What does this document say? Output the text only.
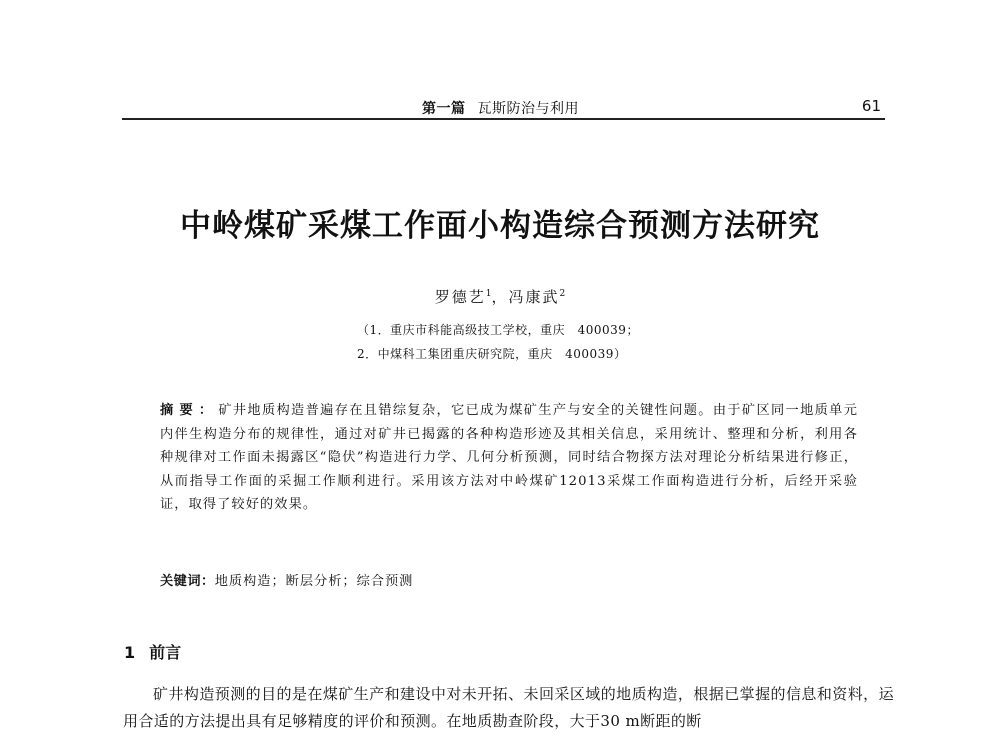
第一篇 瓦斯防治与利用	61
中岭煤矿采煤工作面小构造综合预测方法研究
罗德艺$^1$，冯康武$^2$
（1．重庆市科能高级技工学校，重庆　400039；
2．中煤科工集团重庆研究院，重庆　400039）
摘要：矿井地质构造普遍存在且错综复杂，它已成为煤矿生产与安全的关键性问题。由于矿区同一地质单元内伴生构造分布的规律性，通过对矿井已揭露的各种构造形迹及其相关信息，采用统计、整理和分析，利用各种规律对工作面未揭露区“隐伏”构造进行力学、几何分析预测，同时结合物探方法对理论分析结果进行修正，从而指导工作面的采掘工作顺利进行。采用该方法对中岭煤矿12013采煤工作面构造进行分析，后经开采验证，取得了较好的效果。
关键词：地质构造；断层分析；综合预测
1 前言
矿井构造预测的目的是在煤矿生产和建设中对未开拓、未回采区域的地质构造，根据已掌握的信息和资料，运用合适的方法提出具有足够精度的评价和预测。在地质勘查阶段，大于30 m断距的断
